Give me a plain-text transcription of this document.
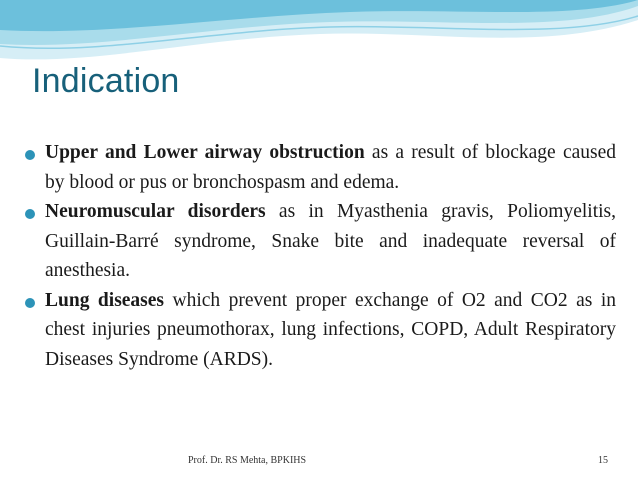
Indication
Upper and Lower airway obstruction as a result of blockage caused by blood or pus or bronchospasm and edema.
Neuromuscular disorders as in Myasthenia gravis, Poliomyelitis, Guillain-Barré syndrome, Snake bite and inadequate reversal of anesthesia.
Lung diseases which prevent proper exchange of O2 and CO2 as in chest injuries pneumothorax, lung infections, COPD, Adult Respiratory Diseases Syndrome (ARDS).
Prof. Dr. RS Mehta, BPKIHS	15
